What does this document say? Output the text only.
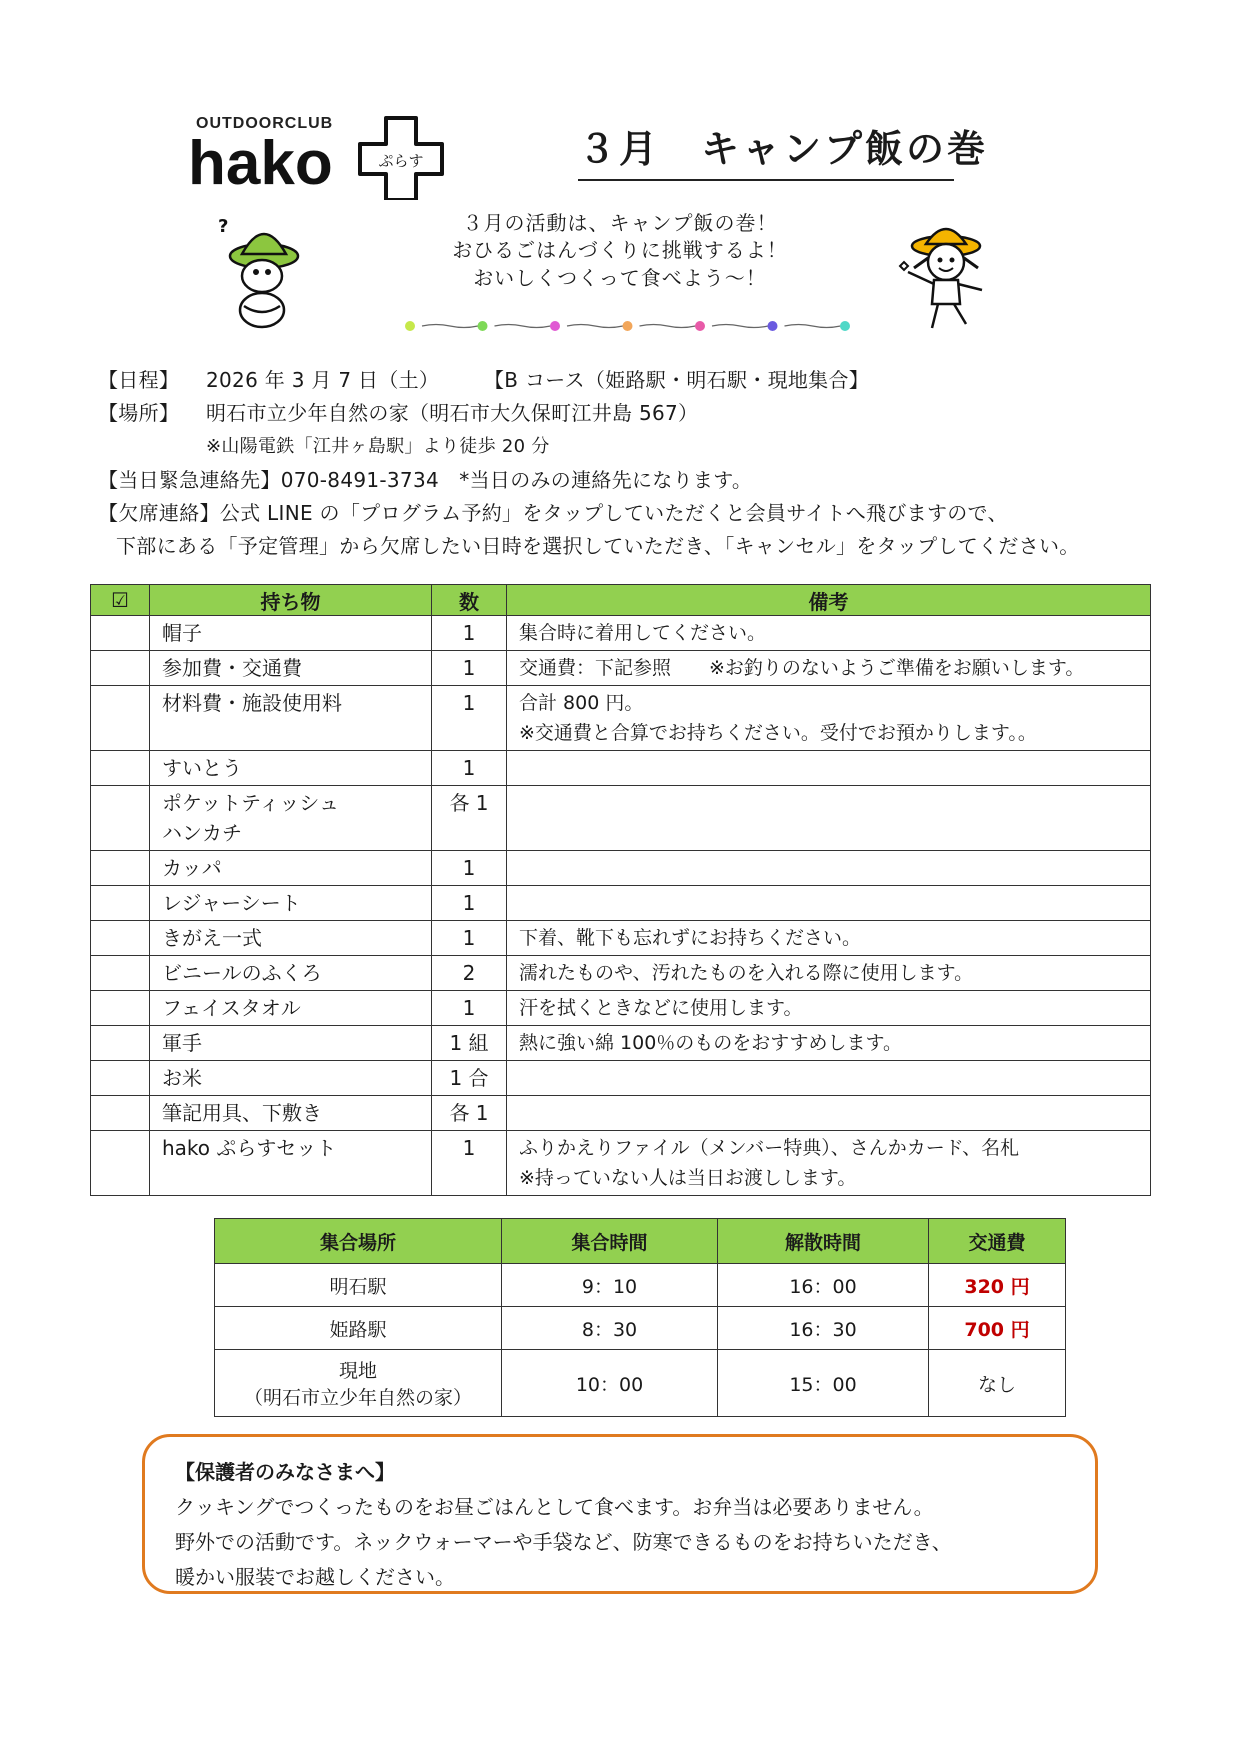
OUTDOORCLUB
hako	ぷらす	３月　キャンプ飯の巻
３月の活動は、キャンプ飯の巻！
おひるごはんづくりに挑戦するよ！
おいしくつくって食べよう〜！
?
【日程】 2026 年 3 月 7 日（土） 【B コース（姫路駅・明石駅・現地集合】
【場所】 明石市立少年自然の家（明石市大久保町江井島 567）
※山陽電鉄「江井ヶ島駅」より徒歩 20 分
【当日緊急連絡先】070-8491-3734　*当日のみの連絡先になります。
【欠席連絡】公式 LINE の「プログラム予約」をタップしていただくと会員サイトへ飛びますので、
下部にある「予定管理」から欠席したい日時を選択していただき、「キャンセル」をタップしてください。
☑	持ち物	数	備考

	帽子	1	集合時に着用してください。

	参加費・交通費	1	交通費：下記参照　　※お釣りのないようご準備をお願いします。

	材料費・施設使用料	1	合計 800 円。
※交通費と合算でお持ちください。受付でお預かりします。。

	すいとう	1	

	ポケットティッシュ
ハンカチ	各 1	

	カッパ	1	

	レジャーシート	1	

	きがえ一式	1	下着、靴下も忘れずにお持ちください。

	ビニールのふくろ	2	濡れたものや、汚れたものを入れる際に使用します。

	フェイスタオル	1	汗を拭くときなどに使用します。

	軍手	1 組	熱に強い綿 100％のものをおすすめします。

	お米	1 合	

	筆記用具、下敷き	各 1	

	hako ぷらすセット	1	ふりかえりファイル（メンバー特典）、さんかカード、名札
※持っていない人は当日お渡しします。
集合場所	集合時間	解散時間	交通費

明石駅	9：10	16：00	320 円

姫路駅	8：30	16：30	700 円

現地
（明石市立少年自然の家）	10：00	15：00	なし
【保護者のみなさまへ】
クッキングでつくったものをお昼ごはんとして食べます。お弁当は必要ありません。
野外での活動です。ネックウォーマーや手袋など、防寒できるものをお持ちいただき、
暖かい服装でお越しください。
